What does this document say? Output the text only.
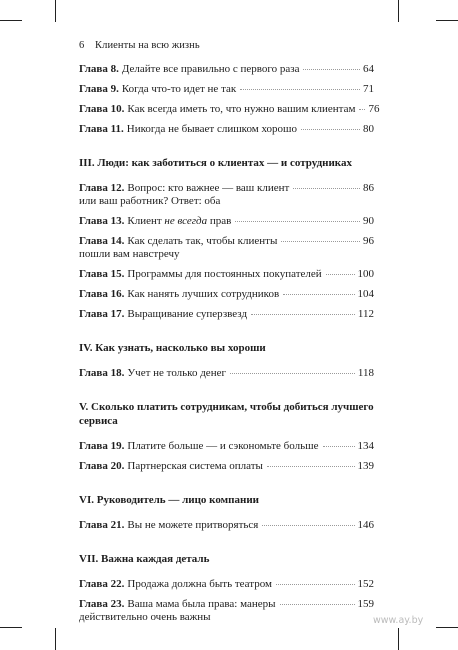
6 Клиенты на всю жизнь
Глава 8. Делайте все правильно с первого раза	64
Глава 9. Когда что-то идет не так	71
Глава 10. Как всегда иметь то, что нужно вашим клиентам 76
Глава 11. Никогда не бывает слишком хорошо	80
III. Люди: как заботиться о клиентах — и сотрудниках
Глава 12. Вопрос: кто важнее — ваш клиент	86
или ваш работник? Ответ: оба
Глава 13. Клиент не всегда прав	90
Глава 14. Как сделать так, чтобы клиенты	96
пошли вам навстречу
Глава 15. Программы для постоянных покупателей	100
Глава 16. Как нанять лучших сотрудников	104
Глава 17. Выращивание суперзвезд	112
IV. Как узнать, насколько вы хороши
Глава 18. Учет не только денег	118
V. Сколько платить сотрудникам, чтобы добиться лучшего сервиса
Глава 19. Платите больше — и сэкономьте больше	134
Глава 20. Партнерская система оплаты	139
VI. Руководитель — лицо компании
Глава 21. Вы не можете притворяться	146
VII. Важна каждая деталь
Глава 22. Продажа должна быть театром	152
Глава 23. Ваша мама была права: манеры	159
действительно очень важны	www.ay.by
